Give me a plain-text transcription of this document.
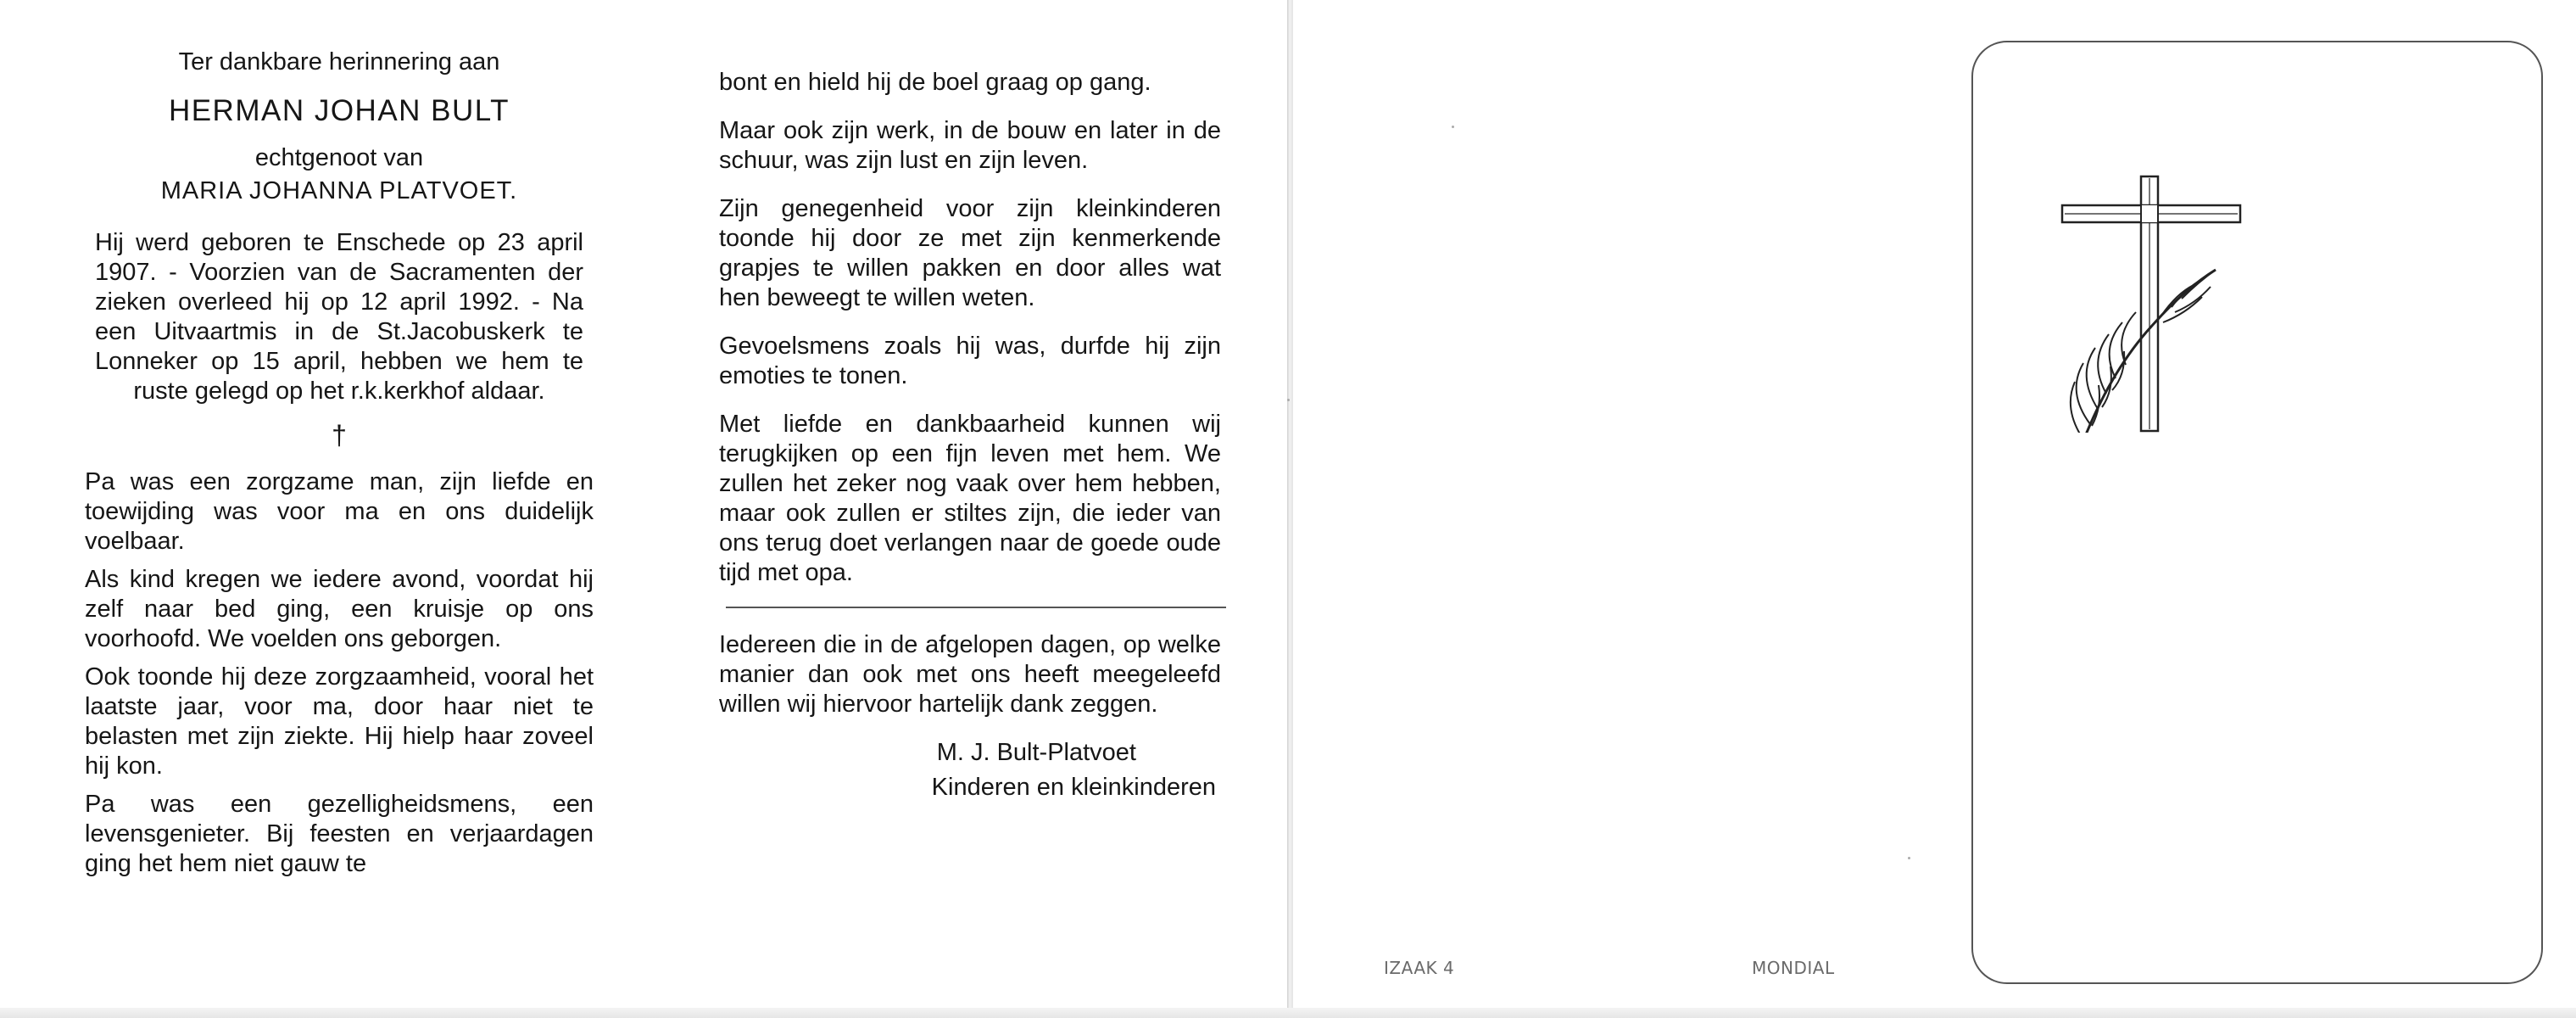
Ter dankbare herinnering aan

HERMAN JOHAN BULT

echtgenoot van

MARIA JOHANNA PLATVOET.

Hij werd geboren te Enschede op 23 april 1907. - Voorzien van de Sacramenten der zieken overleed hij op 12 april 1992. - Na een Uitvaartmis in de St.Jacobuskerk te Lonneker op 15 april, hebben we hem te ruste gelegd op het r.k.kerkhof aldaar.

†

Pa was een zorgzame man, zijn liefde en toewijding was voor ma en ons duidelijk voelbaar.

Als kind kregen we iedere avond, voordat hij zelf naar bed ging, een kruisje op ons voorhoofd. We voelden ons geborgen.

Ook toonde hij deze zorgzaamheid, vooral het laatste jaar, voor ma, door haar niet te belasten met zijn ziekte. Hij hielp haar zoveel hij kon.

Pa was een gezelligheidsmens, een levensgenieter. Bij feesten en verjaardagen ging het hem niet gauw te

bont en hield hij de boel graag op gang.

Maar ook zijn werk, in de bouw en later in de schuur, was zijn lust en zijn leven.

Zijn genegenheid voor zijn kleinkinderen toonde hij door ze met zijn kenmerkende grapjes te willen pakken en door alles wat hen beweegt te willen weten.

Gevoelsmens zoals hij was, durfde hij zijn emoties te tonen.

Met liefde en dankbaarheid kunnen wij terugkijken op een fijn leven met hem. We zullen het zeker nog vaak over hem hebben, maar ook zullen er stiltes zijn, die ieder van ons terug doet verlangen naar de goede oude tijd met opa.

Iedereen die in de afgelopen dagen, op welke manier dan ook met ons heeft meegeleefd willen wij hiervoor hartelijk dank zeggen.

M. J. Bult-Platvoet

Kinderen en kleinkinderen

IZAAK 4	MONDIAL
